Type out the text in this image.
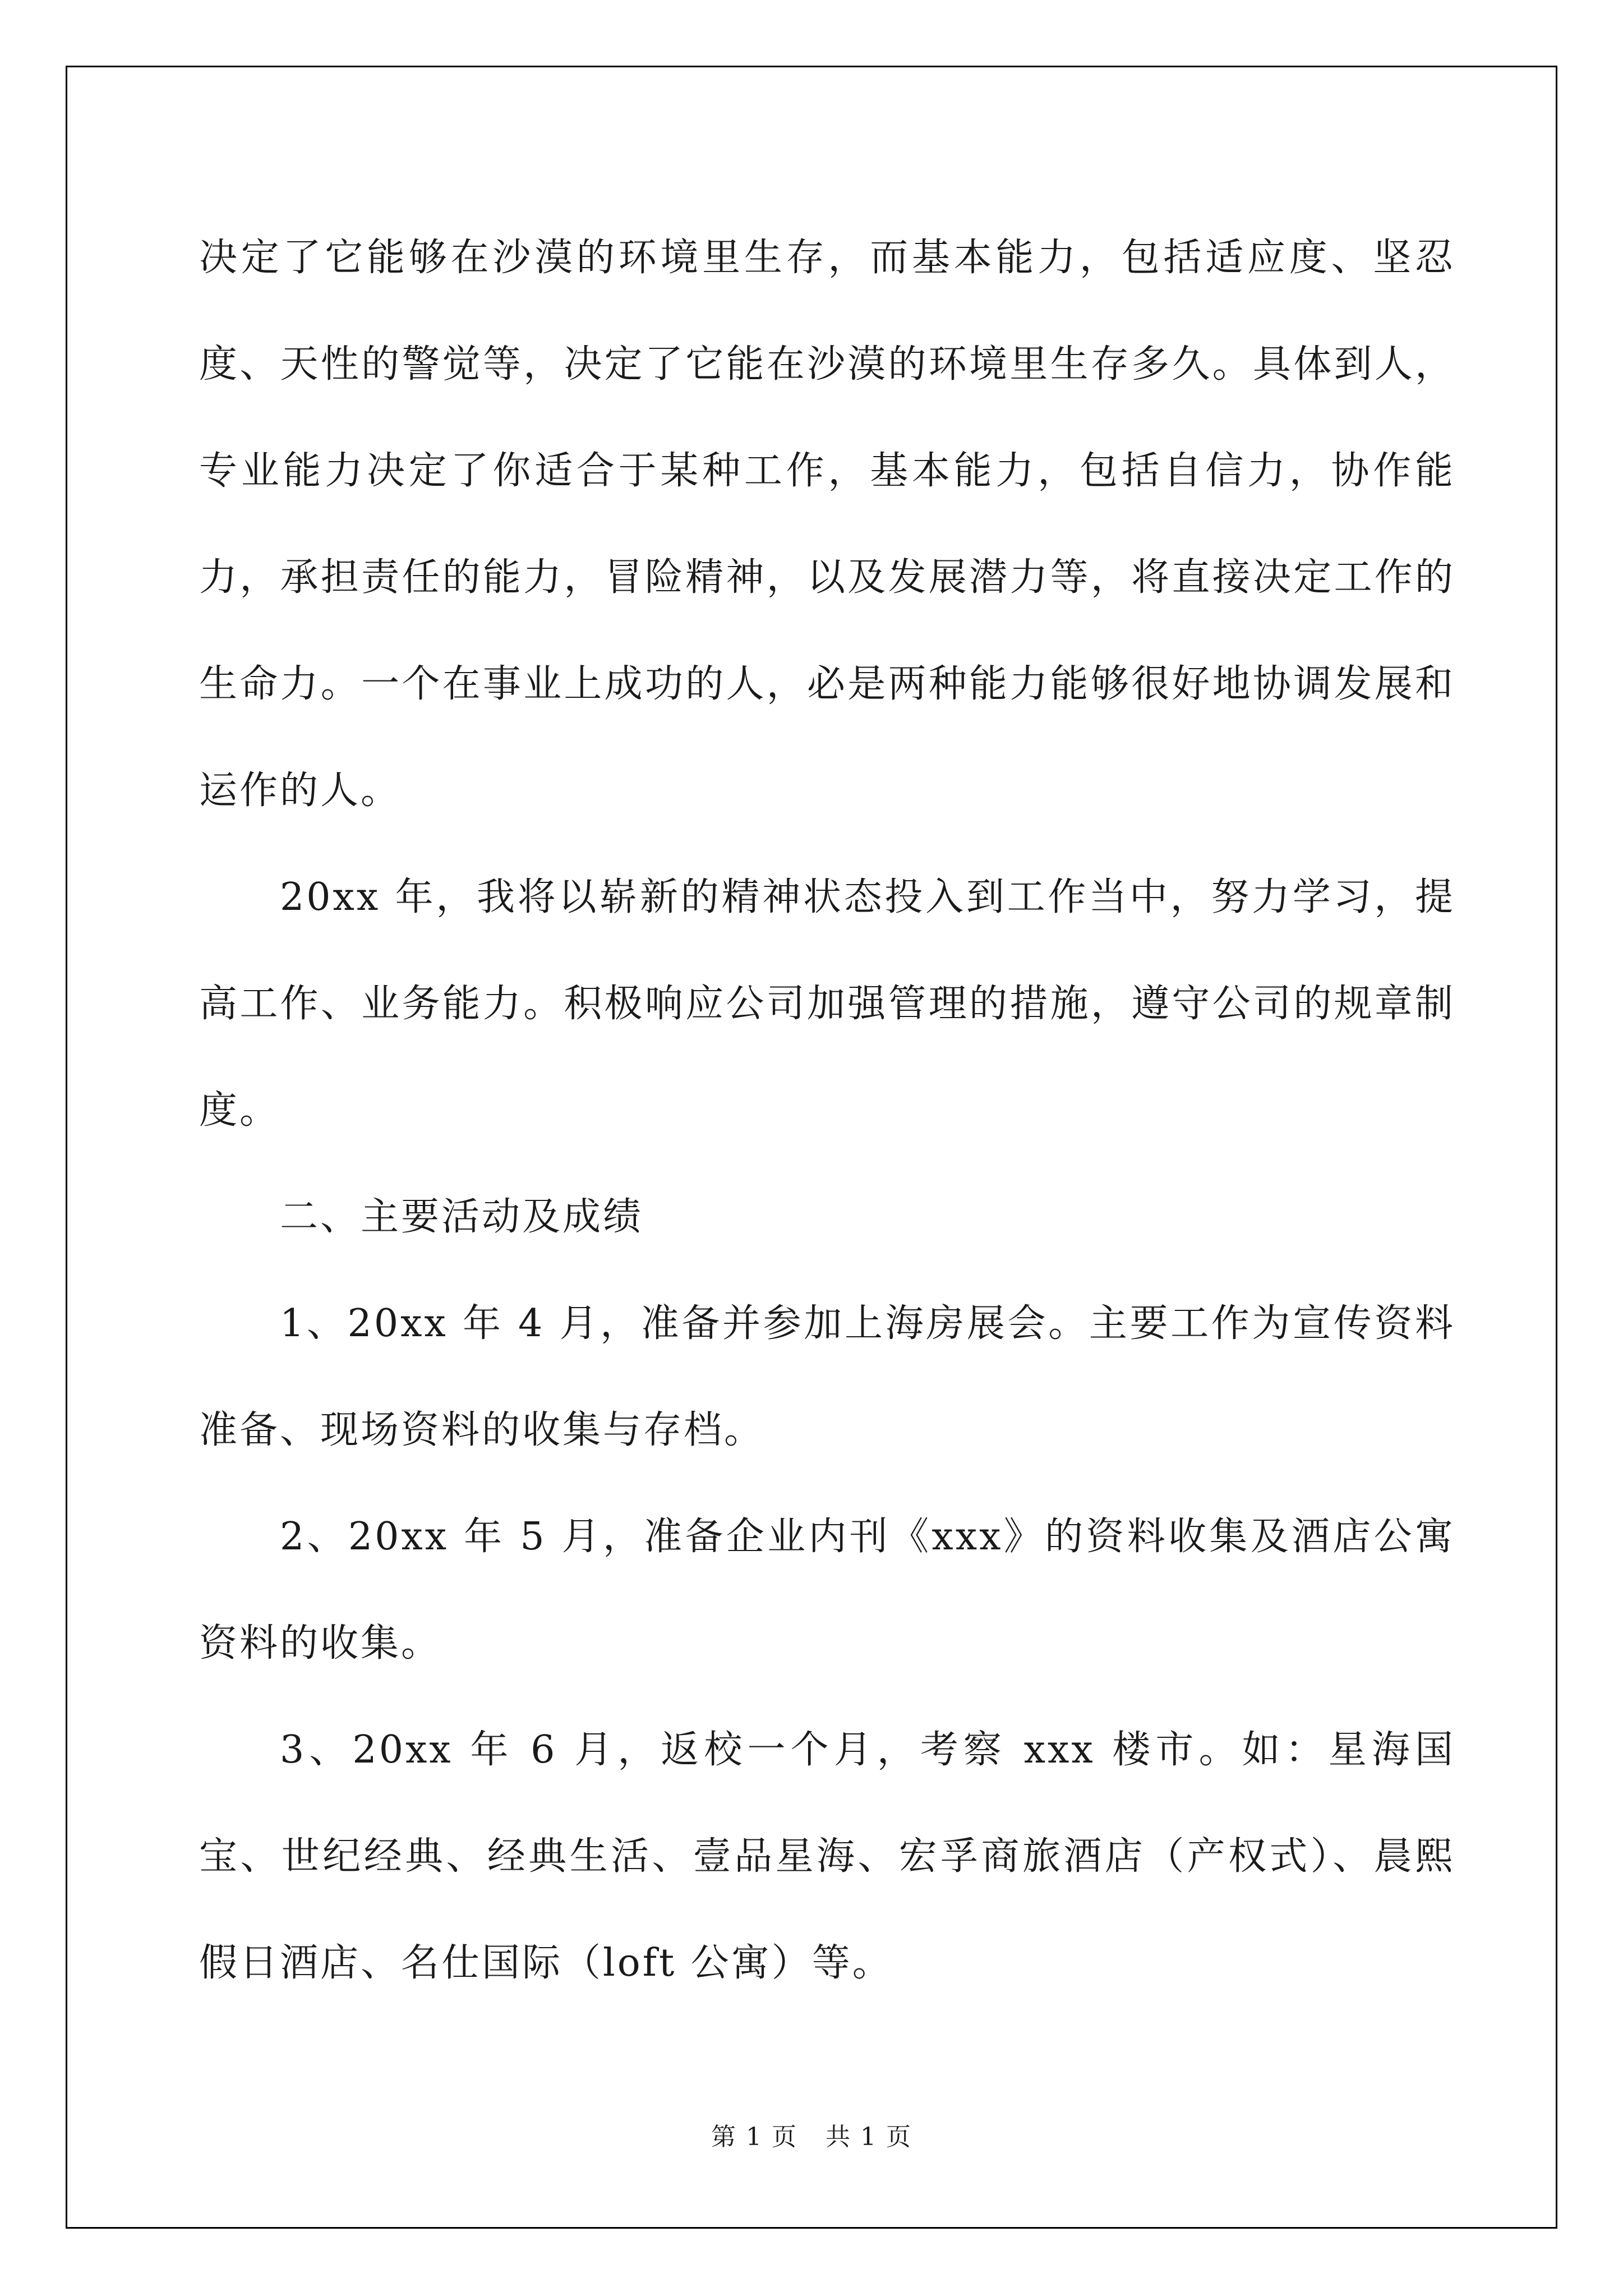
决定了它能够在沙漠的环境里生存，而基本能力，包括适应度、坚忍度、天性的警觉等，决定了它能在沙漠的环境里生存多久。具体到人，专业能力决定了你适合于某种工作，基本能力，包括自信力，协作能力，承担责任的能力，冒险精神，以及发展潜力等，将直接决定工作的生命力。一个在事业上成功的人，必是两种能力能够很好地协调发展和运作的人。

20xx 年，我将以崭新的精神状态投入到工作当中，努力学习，提高工作、业务能力。积极响应公司加强管理的措施，遵守公司的规章制度。

二、主要活动及成绩

1、20xx 年 4 月，准备并参加上海房展会。主要工作为宣传资料准备、现场资料的收集与存档。

2、20xx 年 5 月，准备企业内刊《xxx》的资料收集及酒店公寓资料的收集。

3、20xx 年 6 月，返校一个月，考察 xxx 楼市。如：星海国宝、世纪经典、经典生活、壹品星海、宏孚商旅酒店（产权式）、晨熙假日酒店、名仕国际（loft 公寓）等。

第 1 页 共 1 页
